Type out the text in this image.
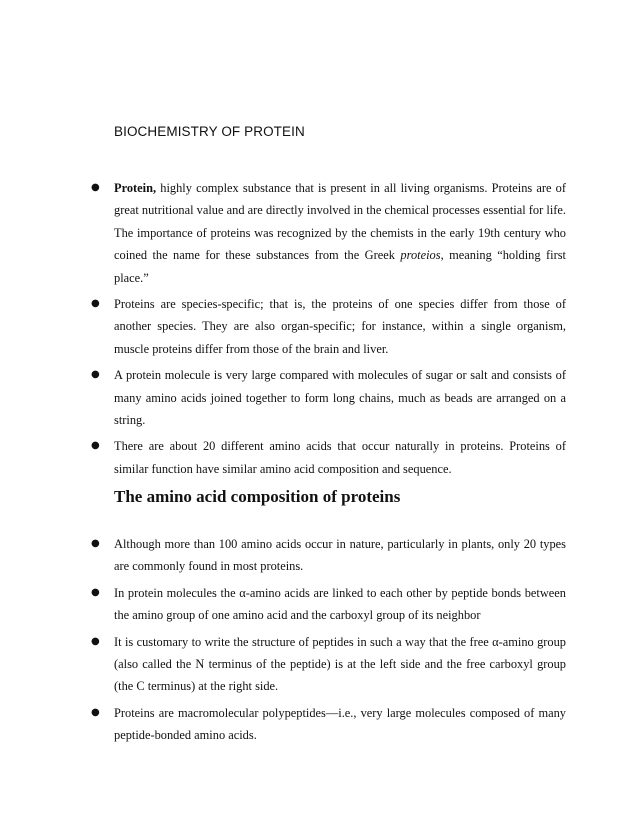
BIOCHEMISTRY OF PROTEIN
● Protein, highly complex substance that is present in all living organisms. Proteins are of great nutritional value and are directly involved in the chemical processes essential for life. The importance of proteins was recognized by the chemists in the early 19th century who coined the name for these substances from the Greek proteios, meaning “holding first place.”
● Proteins are species-specific; that is, the proteins of one species differ from those of another species. They are also organ-specific; for instance, within a single organism, muscle proteins differ from those of the brain and liver.
● A protein molecule is very large compared with molecules of sugar or salt and consists of many amino acids joined together to form long chains, much as beads are arranged on a string.
● There are about 20 different amino acids that occur naturally in proteins. Proteins of similar function have similar amino acid composition and sequence.
The amino acid composition of proteins
● Although more than 100 amino acids occur in nature, particularly in plants, only 20 types are commonly found in most proteins.
● In protein molecules the α-amino acids are linked to each other by peptide bonds between the amino group of one amino acid and the carboxyl group of its neighbor
● It is customary to write the structure of peptides in such a way that the free α-amino group (also called the N terminus of the peptide) is at the left side and the free carboxyl group (the C terminus) at the right side.
● Proteins are macromolecular polypeptides—i.e., very large molecules composed of many peptide-bonded amino acids.
